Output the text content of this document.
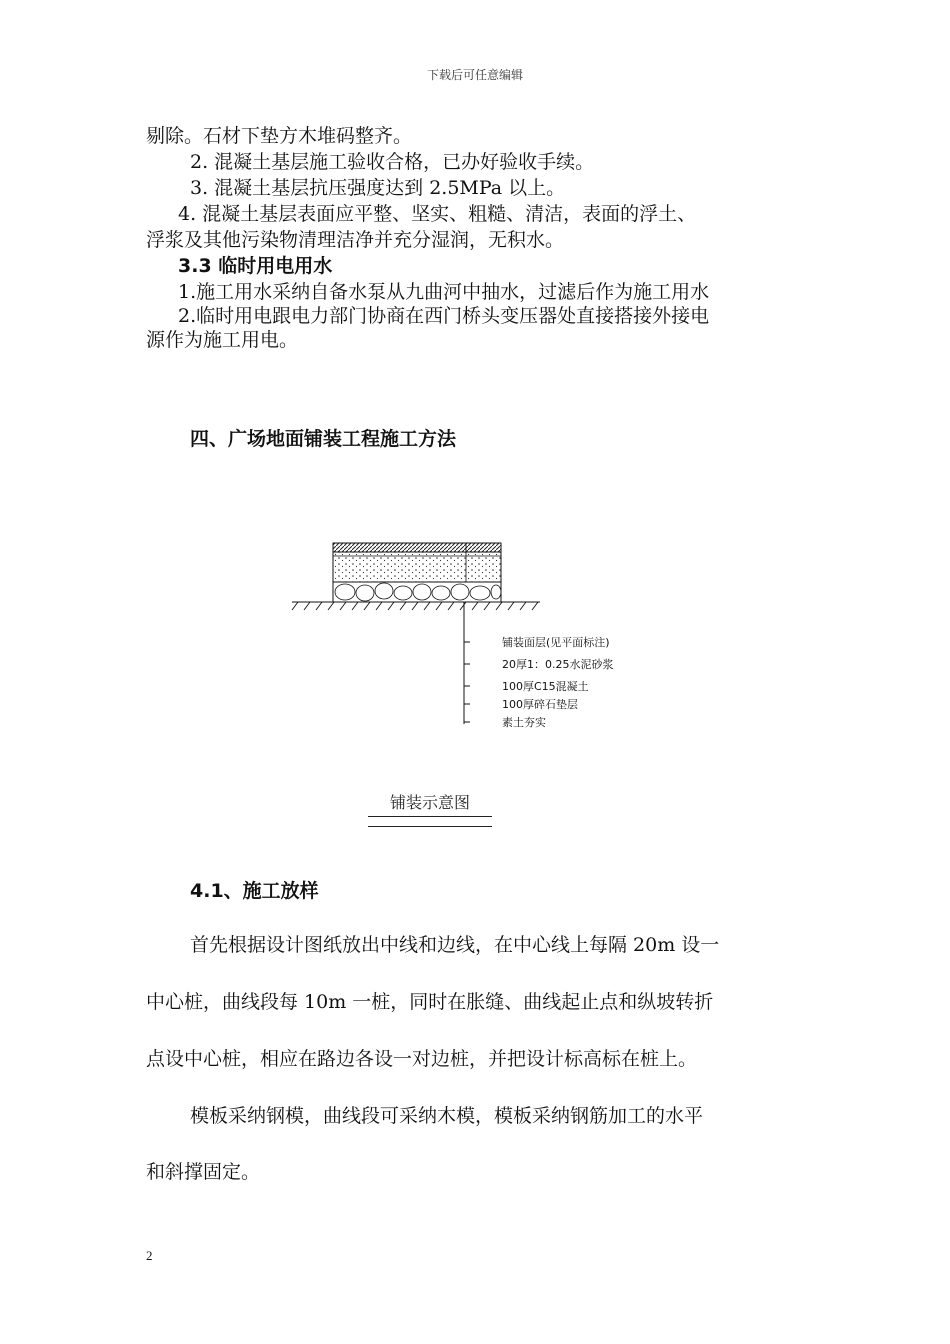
下载后可任意编辑
剔除。石材下垫方木堆码整齐。
2. 混凝土基层施工验收合格，已办好验收手续。
3. 混凝土基层抗压强度达到 2.5MPa 以上。
4. 混凝土基层表面应平整、坚实、粗糙、清洁，表面的浮土、
浮浆及其他污染物清理洁净并充分湿润，无积水。
3.3 临时用电用水
1.施工用水采纳自备水泵从九曲河中抽水，过滤后作为施工用水
2.临时用电跟电力部门协商在西门桥头变压器处直接搭接外接电
源作为施工用电。
四、广场地面铺装工程施工方法
铺装面层(见平面标注)
20厚1：0.25水泥砂浆
100厚C15混凝土
100厚碎石垫层
素土夯实
铺装示意图
4.1、施工放样
首先根据设计图纸放出中线和边线，在中心线上每隔 20m 设一
中心桩，曲线段每 10m 一桩，同时在胀缝、曲线起止点和纵坡转折
点设中心桩，相应在路边各设一对边桩，并把设计标高标在桩上。
模板采纳钢模，曲线段可采纳木模，模板采纳钢筋加工的水平
和斜撑固定。
2
